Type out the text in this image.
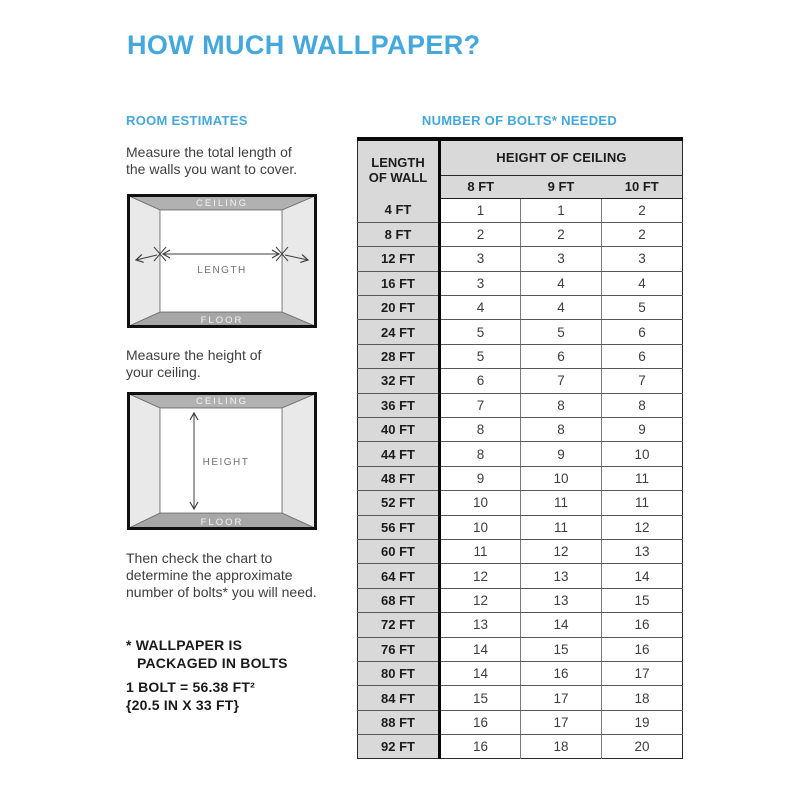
HOW MUCH WALLPAPER?
ROOM ESTIMATES	NUMBER OF BOLTS* NEEDED
Measure the total length of
the walls you want to cover.
CEILING
FLOOR
LENGTH
Measure the height of
your ceiling.
CEILING
FLOOR
HEIGHT
Then check the chart to
determine the approximate
number of bolts* you will need.
* WALLPAPER IS
PACKAGED IN BOLTS
1 BOLT = 56.38 FT²
{20.5 IN X 33 FT}
LENGTH
OF WALL	HEIGHT OF CEILING		
	8 FT	9 FT	10 FT
4 FT	1	1	2
8 FT	2	2	2
12 FT	3	3	3
16 FT	3	4	4
20 FT	4	4	5
24 FT	5	5	6
28 FT	5	6	6
32 FT	6	7	7
36 FT	7	8	8
40 FT	8	8	9
44 FT	8	9	10
48 FT	9	10	11
52 FT	10	11	11
56 FT	10	11	12
60 FT	11	12	13
64 FT	12	13	14
68 FT	12	13	15
72 FT	13	14	16
76 FT	14	15	16
80 FT	14	16	17
84 FT	15	17	18
88 FT	16	17	19
92 FT	16	18	20
